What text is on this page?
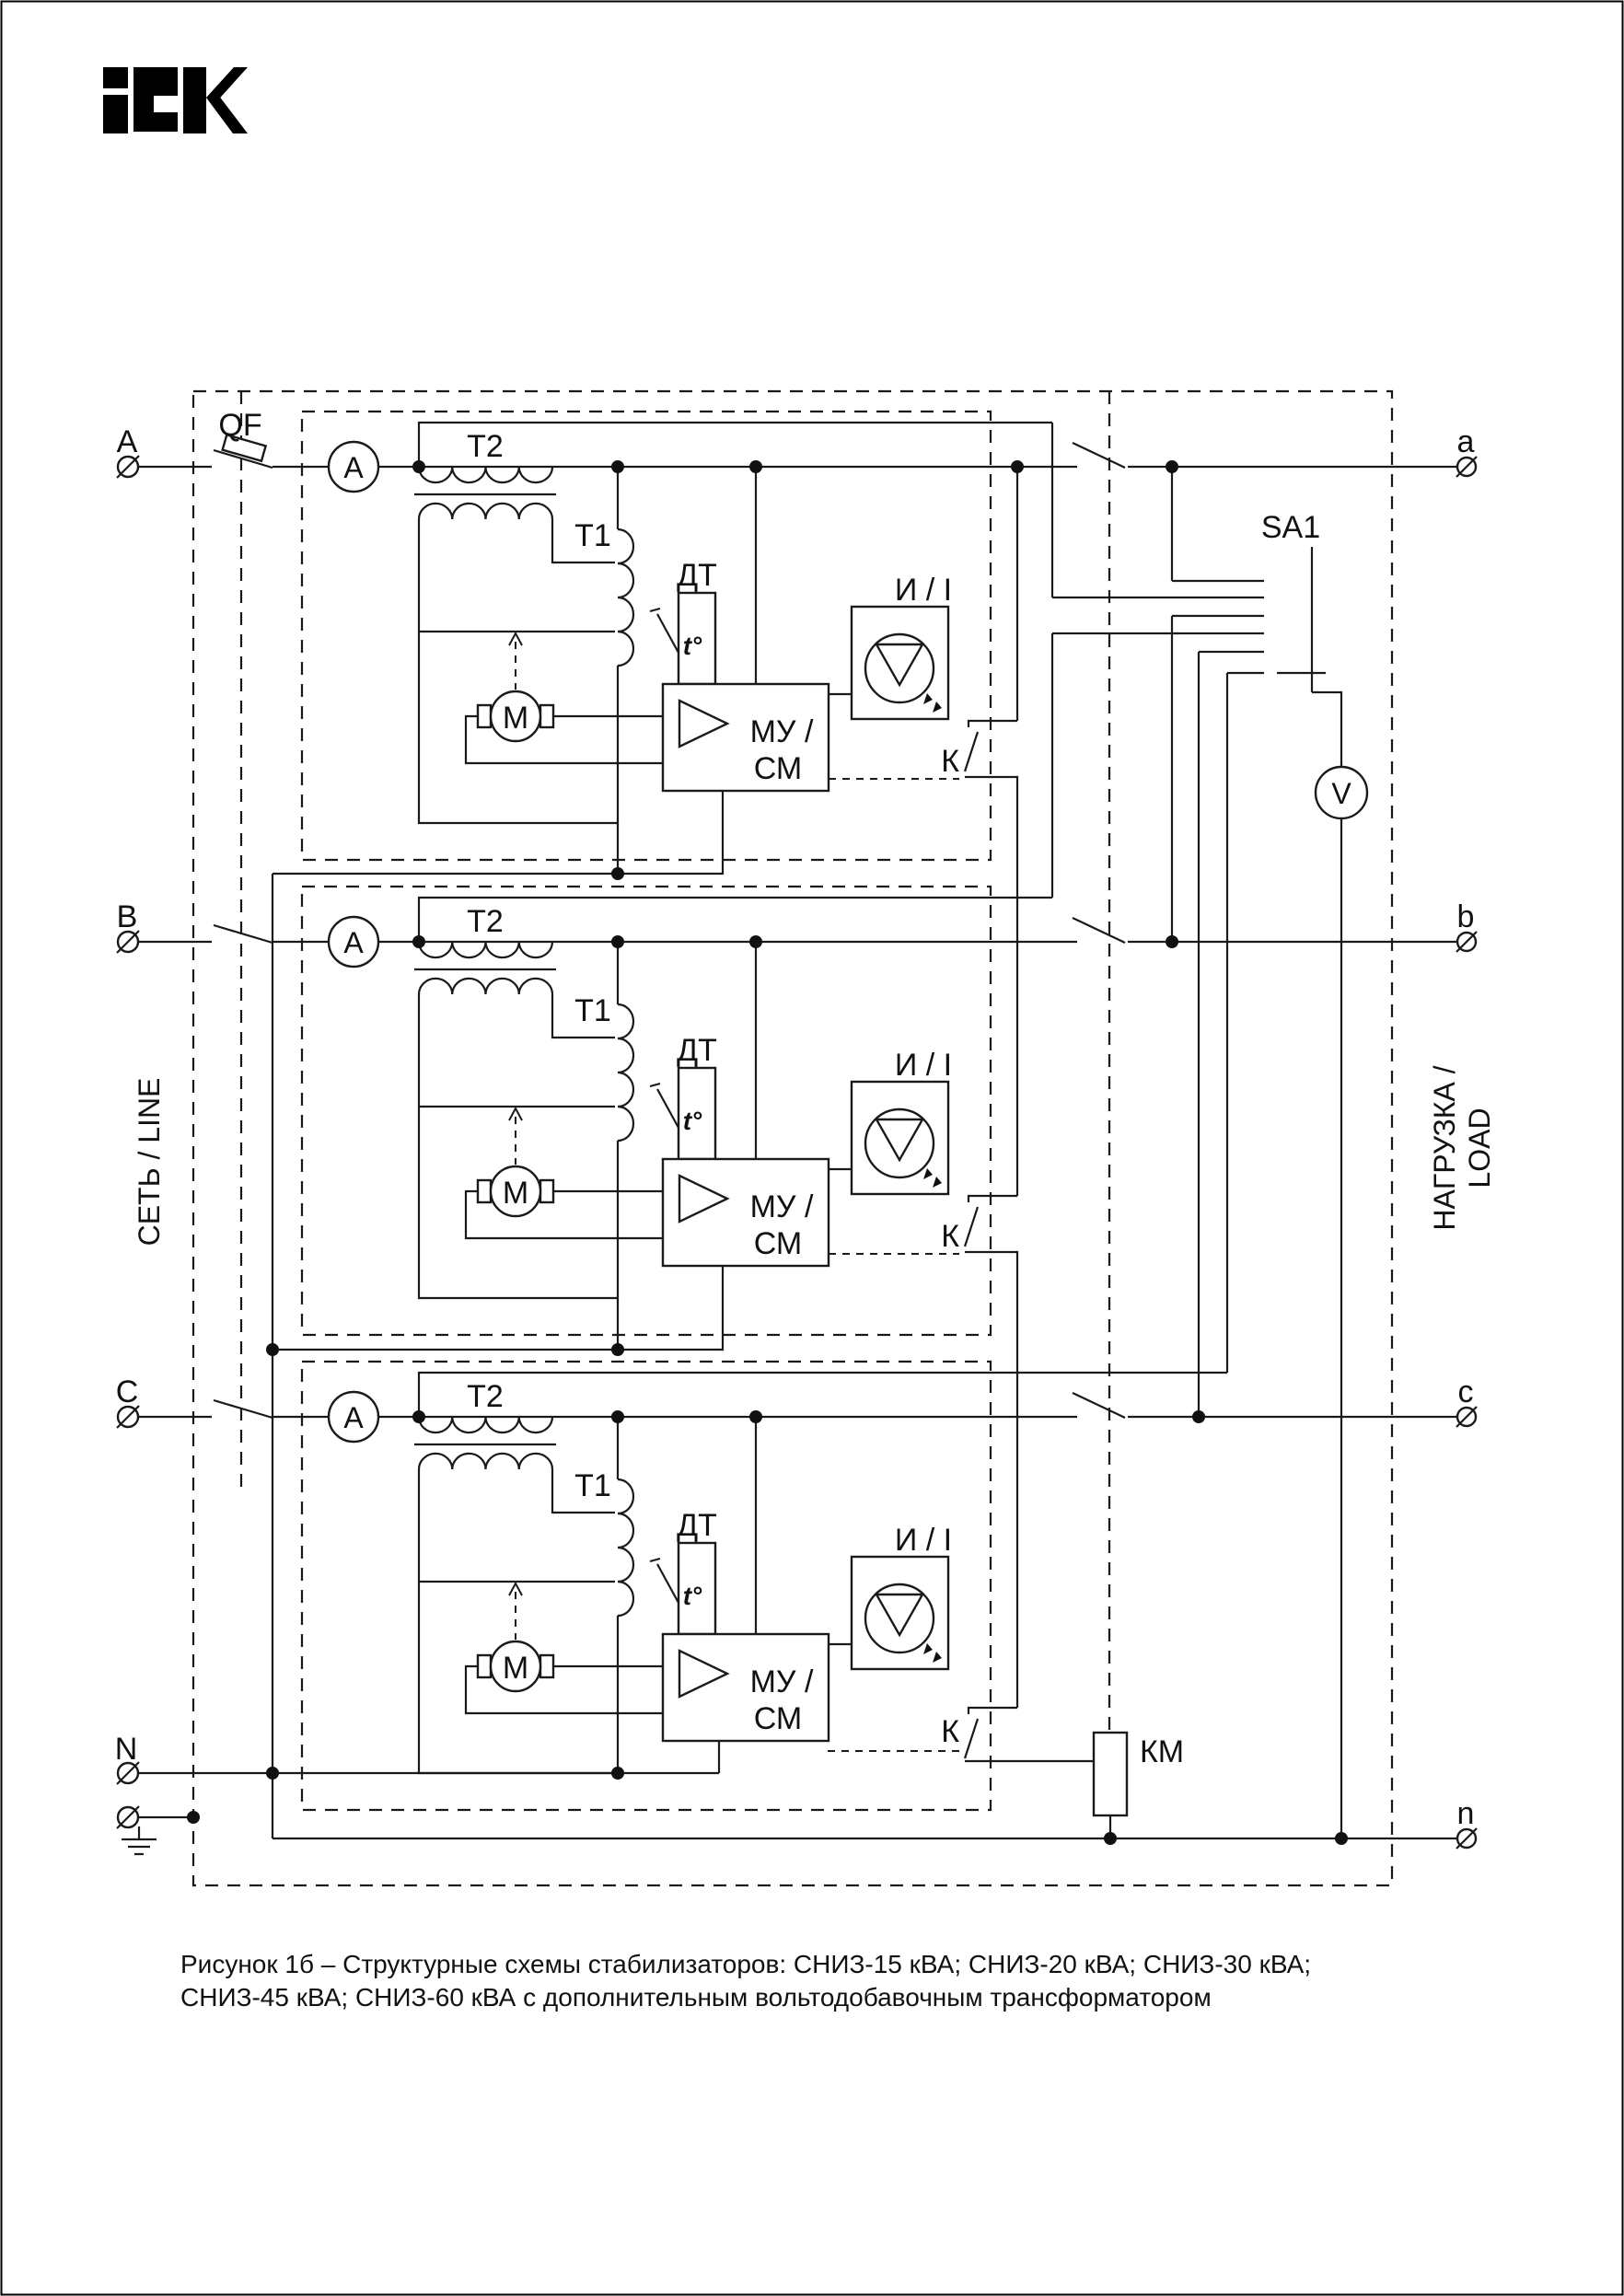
A
A
T2
T1
ДТ
t°
М	МУ /
СМ
И / I
К
a
B
A
T2
T1
ДТ
t°
М	МУ /
СМ
И / I
К
b
C
A
T2
T1
ДТ
t°
М	МУ /
СМ
И / I
К
c
QF
SA1
V
КМ
N
n
СЕТЬ / LINE	НАГРУЗКА / LOAD
Рисунок 1б – Структурные схемы стабилизаторов: СНИЗ-15 кВА; СНИЗ-20 кВА; СНИЗ-30 кВА;
СНИЗ-45 кВА; СНИЗ-60 кВА с дополнительным вольтодобавочным трансформатором
